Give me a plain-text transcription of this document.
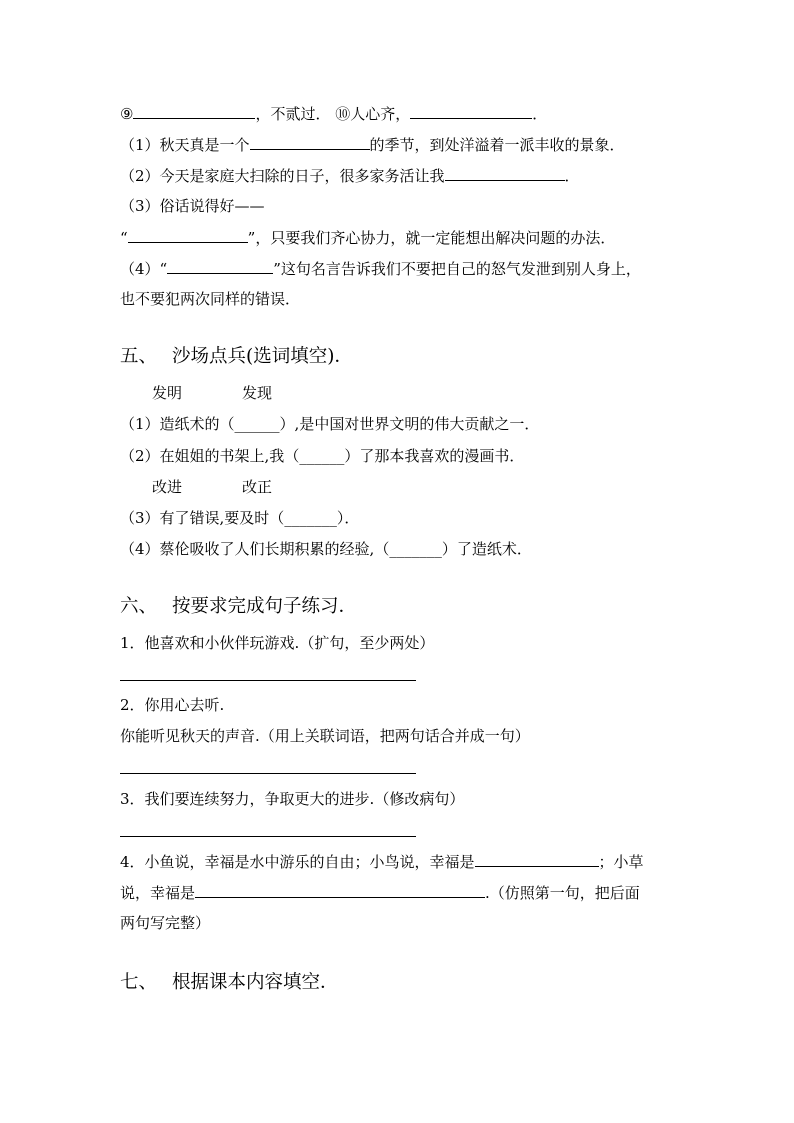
⑨	，不贰过． ⑩人心齐，	．
（1）秋天真是一个	的季节，到处洋溢着一派丰收的景象．
（2）今天是家庭大扫除的日子，很多家务活让我	．
（3）俗话说得好——
“	”，只要我们齐心协力，就一定能想出解决问题的办法．
（4）“	”这句名言告诉我们不要把自己的怒气发泄到别人身上，
也不要犯两次同样的错误．
五、 沙场点兵(选词填空)．
发明	发现
（1）造纸术的（______）,是中国对世界文明的伟大贡献之一．
（2）在姐姐的书架上,我（______）了那本我喜欢的漫画书．
改进	改正
（3）有了错误,要及时（_______）．
（4）蔡伦吸收了人们长期积累的经验,（_______）了造纸术．
六、 按要求完成句子练习．
1．他喜欢和小伙伴玩游戏.（扩句，至少两处）
2．你用心去听.
你能听见秋天的声音.（用上关联词语，把两句话合并成一句）
3．我们要连续努力，争取更大的进步.（修改病句）
4．小鱼说，幸福是水中游乐的自由；小鸟说，幸福是	；小草
说，幸福是	.（仿照第一句，把后面
两句写完整）
七、 根据课本内容填空．
